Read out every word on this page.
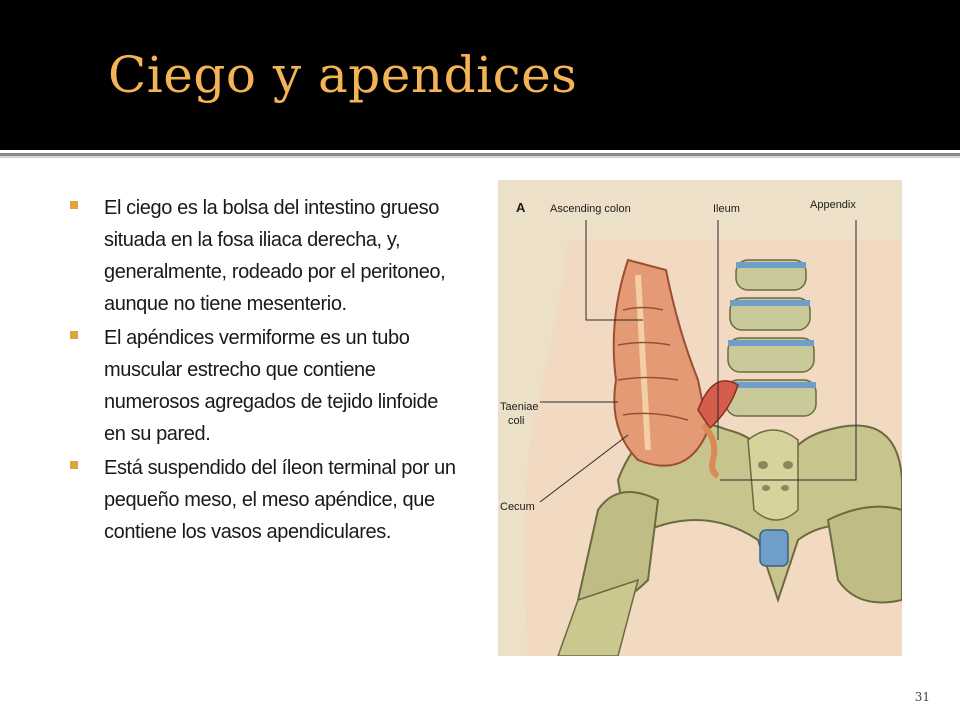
Ciego y apendices
El ciego es la bolsa del intestino grueso situada en la fosa iliaca derecha, y, generalmente, rodeado por el peritoneo, aunque no tiene mesenterio.
El apéndices vermiforme es un tubo muscular estrecho que contiene numerosos agregados de tejido linfoide en su pared.
Está suspendido del íleon terminal por un pequeño meso, el meso apéndice, que contiene los vasos apendiculares.
A Ascending colon	Ileum	Appendix
Taeniae
coli
Cecum
31
